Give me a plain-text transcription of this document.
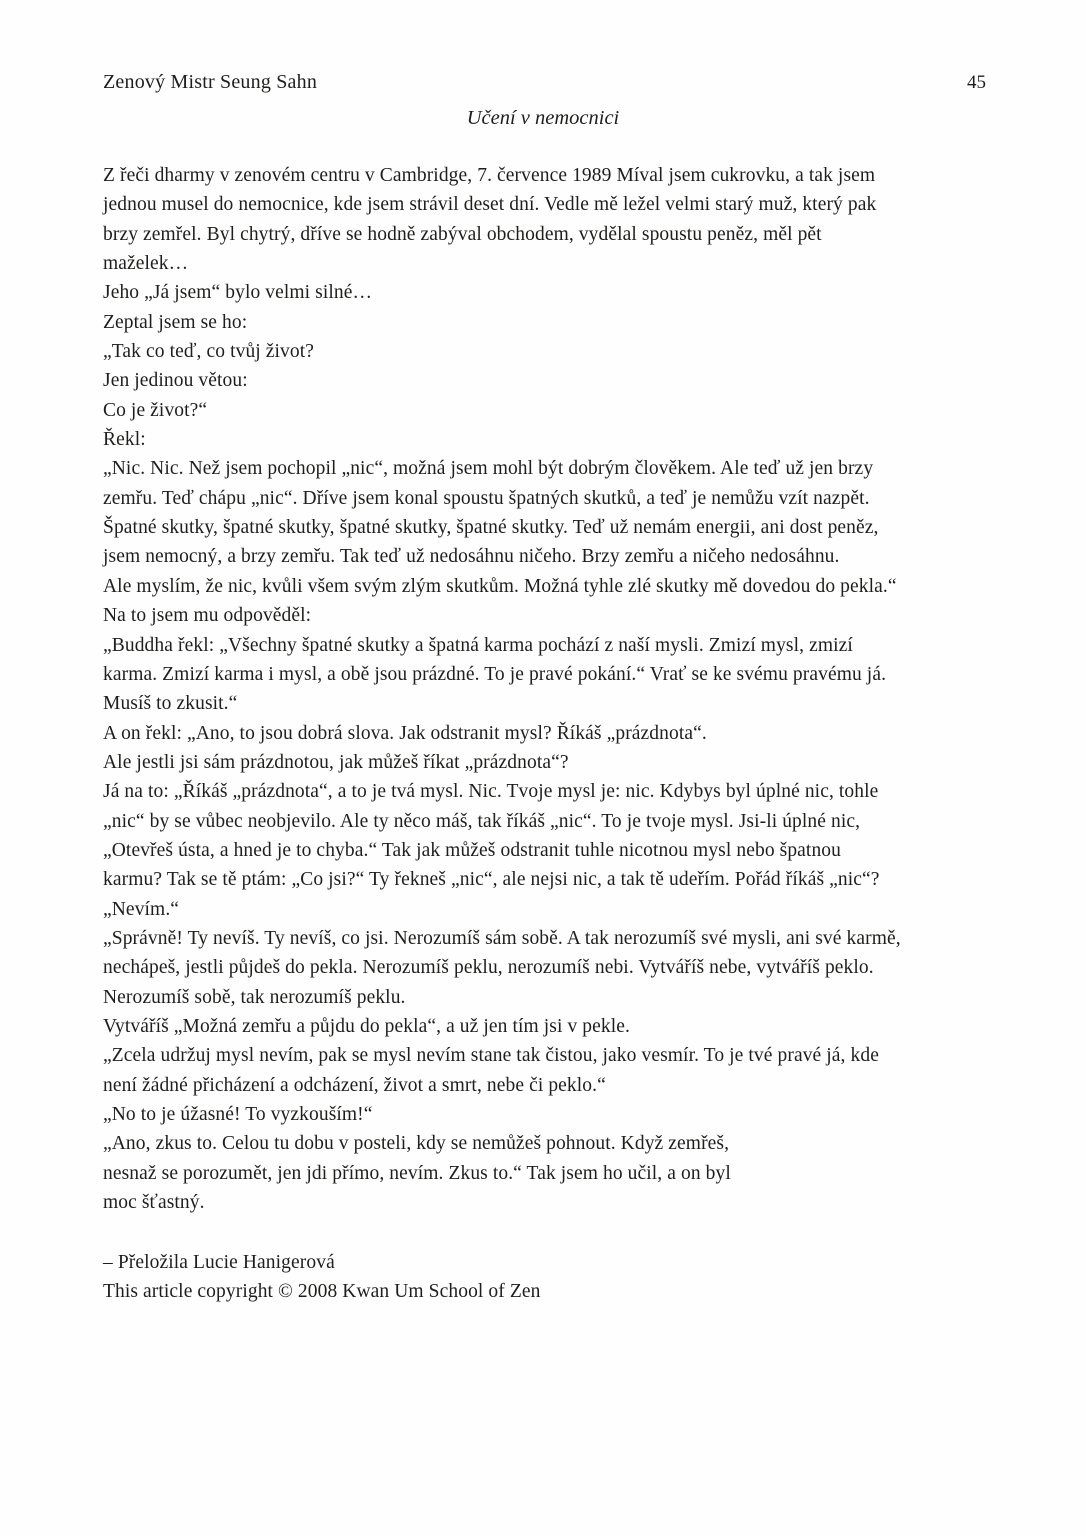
Zenový Mistr Seung Sahn	45
Učení v nemocnici
Z řeči dharmy v zenovém centru v Cambridge, 7. července 1989 Míval jsem cukrovku, a tak jsem
jednou musel do nemocnice, kde jsem strávil deset dní. Vedle mě ležel velmi starý muž, který pak
brzy zemřel. Byl chytrý, dříve se hodně zabýval obchodem, vydělal spoustu peněz, měl pět
maželek…
Jeho „Já jsem“ bylo velmi silné…
Zeptal jsem se ho:
„Tak co teď, co tvůj život?
Jen jedinou větou:
Co je život?“
Řekl:
„Nic. Nic. Než jsem pochopil „nic“, možná jsem mohl být dobrým člověkem. Ale teď už jen brzy
zemřu. Teď chápu „nic“. Dříve jsem konal spoustu špatných skutků, a teď je nemůžu vzít nazpět.
Špatné skutky, špatné skutky, špatné skutky, špatné skutky. Teď už nemám energii, ani dost peněz,
jsem nemocný, a brzy zemřu. Tak teď už nedosáhnu ničeho. Brzy zemřu a ničeho nedosáhnu.
Ale myslím, že nic, kvůli všem svým zlým skutkům. Možná tyhle zlé skutky mě dovedou do pekla.“
Na to jsem mu odpověděl:
„Buddha řekl: „Všechny špatné skutky a špatná karma pochází z naší mysli. Zmizí mysl, zmizí
karma. Zmizí karma i mysl, a obě jsou prázdné. To je pravé pokání.“ Vrať se ke svému pravému já.
Musíš to zkusit.“
A on řekl: „Ano, to jsou dobrá slova. Jak odstranit mysl? Říkáš „prázdnota“.
Ale jestli jsi sám prázdnotou, jak můžeš říkat „prázdnota“?
Já na to: „Říkáš „prázdnota“, a to je tvá mysl. Nic. Tvoje mysl je: nic. Kdybys byl úplné nic, tohle
„nic“ by se vůbec neobjevilo. Ale ty něco máš, tak říkáš „nic“. To je tvoje mysl. Jsi-li úplné nic,
„Otevřeš ústa, a hned je to chyba.“ Tak jak můžeš odstranit tuhle nicotnou mysl nebo špatnou
karmu? Tak se tě ptám: „Co jsi?“ Ty řekneš „nic“, ale nejsi nic, a tak tě udeřím. Pořád říkáš „nic“?
„Nevím.“
„Správně! Ty nevíš. Ty nevíš, co jsi. Nerozumíš sám sobě. A tak nerozumíš své mysli, ani své karmě,
nechápeš, jestli půjdeš do pekla. Nerozumíš peklu, nerozumíš nebi. Vytváříš nebe, vytváříš peklo.
Nerozumíš sobě, tak nerozumíš peklu.
Vytváříš „Možná zemřu a půjdu do pekla“, a už jen tím jsi v pekle.
„Zcela udržuj mysl nevím, pak se mysl nevím stane tak čistou, jako vesmír. To je tvé pravé já, kde
není žádné přicházení a odcházení, život a smrt, nebe či peklo.“
„No to je úžasné! To vyzkouším!“
„Ano, zkus to. Celou tu dobu v posteli, kdy se nemůžeš pohnout. Když zemřeš,
nesnaž se porozumět, jen jdi přímo, nevím. Zkus to.“ Tak jsem ho učil, a on byl
moc šťastný.
– Přeložila Lucie Hanigerová
This article copyright © 2008 Kwan Um School of Zen
